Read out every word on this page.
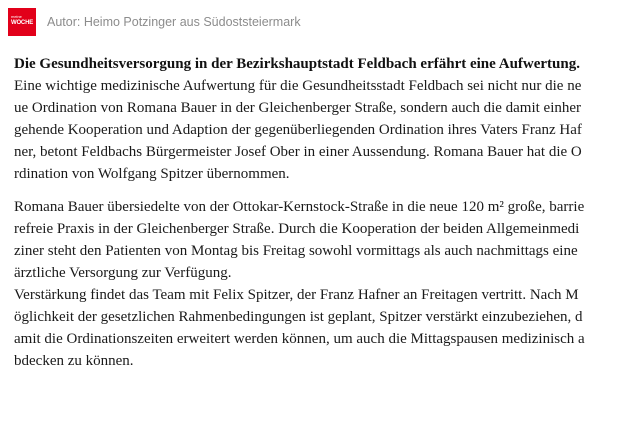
meine
WOCHE Autor: Heimo Potzinger aus Südoststeiermark
Die Gesundheitsversorgung in der Bezirkshauptstadt Feldbach erfährt eine Aufwertung.
Eine wichtige medizinische Aufwertung für die Gesundheitsstadt Feldbach sei nicht nur die ne
ue Ordination von Romana Bauer in der Gleichenberger Straße, sondern auch die damit einher
gehende Kooperation und Adaption der gegenüberliegenden Ordination ihres Vaters Franz Haf
ner, betont Feldbachs Bürgermeister Josef Ober in einer Aussendung. Romana Bauer hat die O
rdination von Wolfgang Spitzer übernommen.
Romana Bauer übersiedelte von der Ottokar-Kernstock-Straße in die neue 120 m² große, barrie
refreie Praxis in der Gleichenberger Straße. Durch die Kooperation der beiden Allgemeinmedi
ziner steht den Patienten von Montag bis Freitag sowohl vormittags als auch nachmittags eine
ärztliche Versorgung zur Verfügung.
Verstärkung findet das Team mit Felix Spitzer, der Franz Hafner an Freitagen vertritt. Nach M
öglichkeit der gesetzlichen Rahmenbedingungen ist geplant, Spitzer verstärkt einzubeziehen, d
amit die Ordinationszeiten erweitert werden können, um auch die Mittagspausen medizinisch a
bdecken zu können.
